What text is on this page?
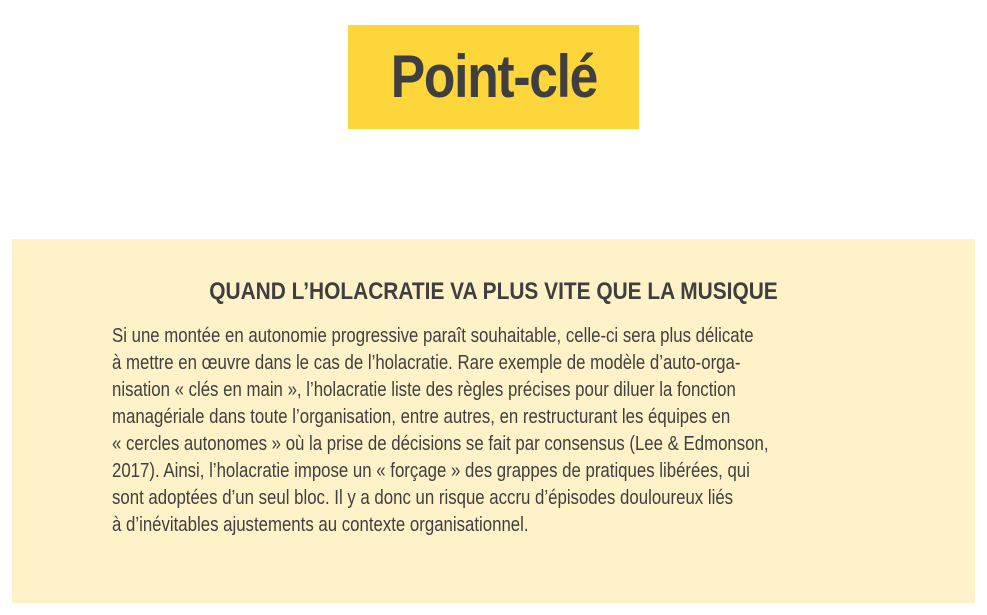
Point-clé
QUAND L’HOLACRATIE VA PLUS VITE QUE LA MUSIQUE
Si une montée en autonomie progressive paraît souhaitable, celle-ci sera plus délicate
à mettre en œuvre dans le cas de l’holacratie. Rare exemple de modèle d’auto-orga-
nisation « clés en main », l’holacratie liste des règles précises pour diluer la fonction
managériale dans toute l’organisation, entre autres, en restructurant les équipes en
« cercles autonomes » où la prise de décisions se fait par consensus (Lee & Edmonson,
2017). Ainsi, l’holacratie impose un « forçage » des grappes de pratiques libérées, qui
sont adoptées d’un seul bloc. Il y a donc un risque accru d’épisodes douloureux liés
à d’inévitables ajustements au contexte organisationnel.
